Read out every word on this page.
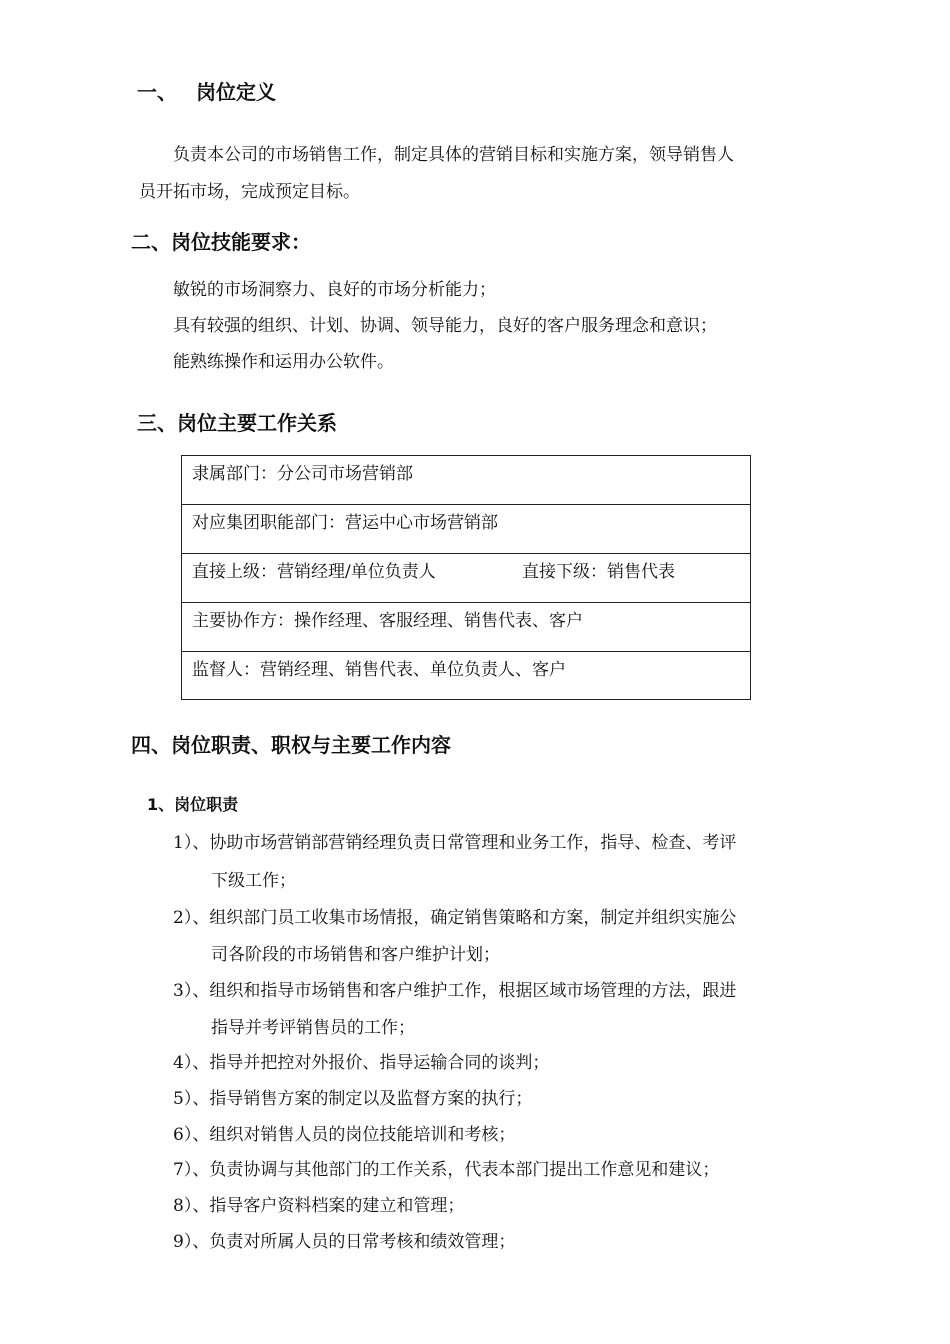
一、 岗位定义
负责本公司的市场销售工作，制定具体的营销目标和实施方案，领导销售人
员开拓市场，完成预定目标。
二、岗位技能要求：
敏锐的市场洞察力、良好的市场分析能力；
具有较强的组织、计划、协调、领导能力，良好的客户服务理念和意识；
能熟练操作和运用办公软件。
三、岗位主要工作关系
隶属部门：分公司市场营销部
对应集团职能部门：营运中心市场营销部
直接上级：营销经理/单位负责人	直接下级：销售代表
主要协作方：操作经理、客服经理、销售代表、客户
监督人：营销经理、销售代表、单位负责人、客户
四、岗位职责、职权与主要工作内容
1、岗位职责
1）、协助市场营销部营销经理负责日常管理和业务工作，指导、检查、考评
下级工作；
2）、组织部门员工收集市场情报，确定销售策略和方案，制定并组织实施公
司各阶段的市场销售和客户维护计划；
3）、组织和指导市场销售和客户维护工作，根据区域市场管理的方法，跟进
指导并考评销售员的工作；
4）、指导并把控对外报价、指导运输合同的谈判；
5）、指导销售方案的制定以及监督方案的执行；
6）、组织对销售人员的岗位技能培训和考核；
7）、负责协调与其他部门的工作关系，代表本部门提出工作意见和建议；
8）、指导客户资料档案的建立和管理；
9）、负责对所属人员的日常考核和绩效管理；
